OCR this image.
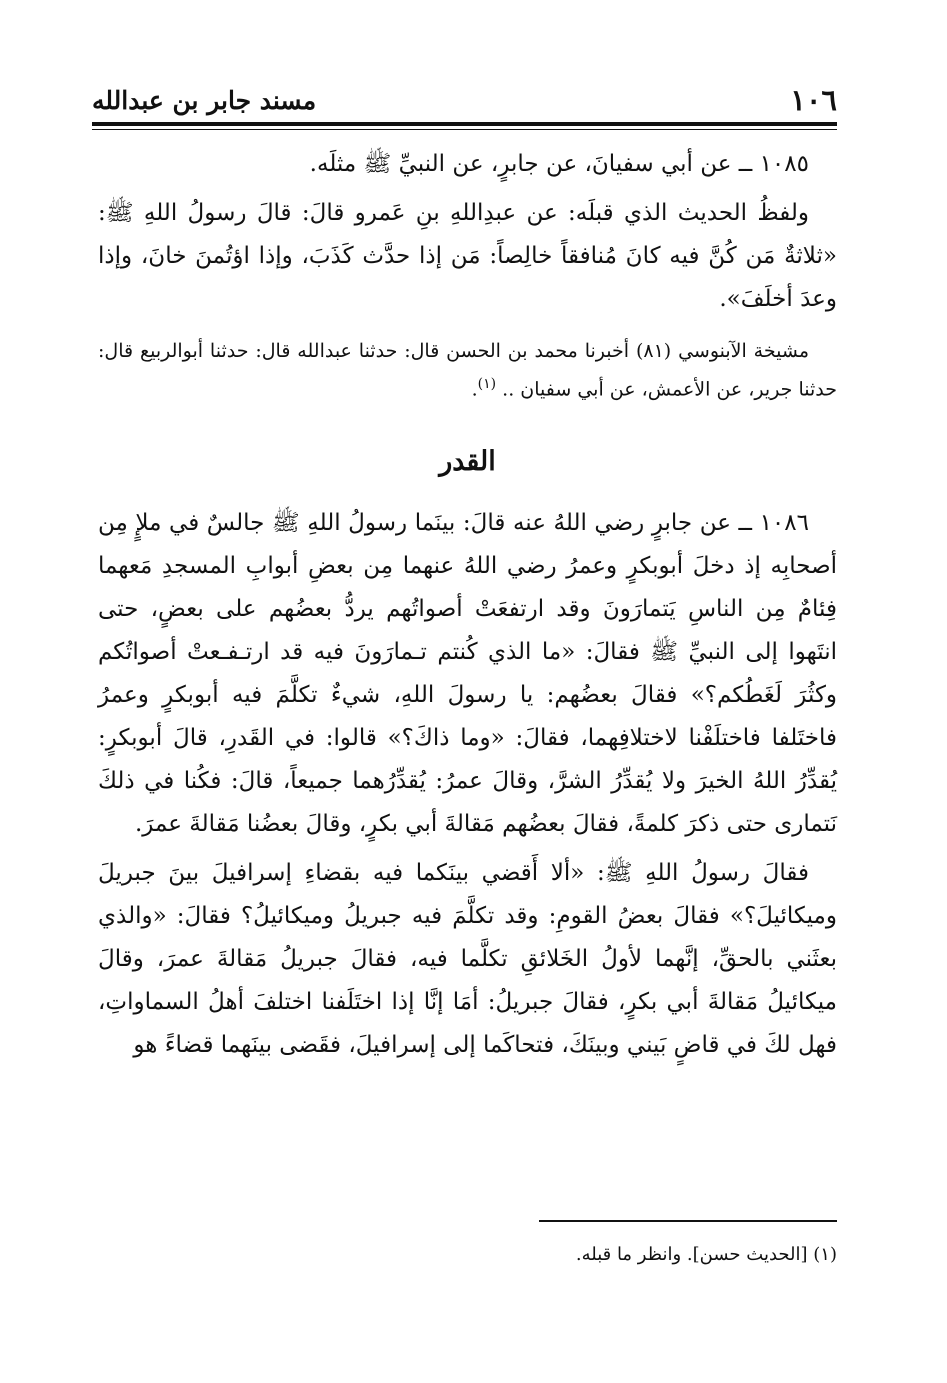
١٠٦
مسند جابر بن عبدالله

١٠٨٥ ــ عن أبي سفيانَ، عن جابرٍ، عن النبيِّ ﷺ مثلَه.

ولفظُ الحديث الذي قبلَه: عن عبدِاللهِ بنِ عَمرو قالَ: قالَ رسولُ اللهِ ﷺ: «ثلاثةٌ مَن كُنَّ فيه كانَ مُنافقاً خالِصاً: مَن إذا حدَّث كَذَبَ، وإذا اؤتُمنَ خانَ، وإذا وعدَ أخلَفَ».

مشيخة الآبنوسي (٨١) أخبرنا محمد بن الحسن قال: حدثنا عبدالله قال: حدثنا أبوالربيع قال: حدثنا جرير، عن الأعمش، عن أبي سفيان .. $^{(١)}$.

القدر

١٠٨٦ ــ عن جابرٍ رضي اللهُ عنه قالَ: بينَما رسولُ اللهِ ﷺ جالسٌ في ملإٍ مِن أصحابِه إذ دخلَ أبوبكرٍ وعمرُ رضي اللهُ عنهما مِن بعضِ أبوابِ المسجدِ مَعهما فِئامٌ مِن الناسِ يَتمارَونَ وقد ارتفعَتْ أصواتُهم يردُّ بعضُهم على بعضٍ، حتى انتَهوا إلى النبيِّ ﷺ فقالَ: «ما الذي كُنتم تـمارَونَ فيه قد ارتـفـعتْ أصواتُكم وكثُرَ لَغَطُكم؟» فقالَ بعضُهم: يا رسولَ اللهِ، شيءٌ تكلَّمَ فيه أبوبكرٍ وعمرُ فاختَلفا فاختلَفْنا لاختلافِهما، فقالَ: «وما ذاكَ؟» قالوا: في القَدرِ، قالَ أبوبكرٍ: يُقدِّرُ اللهُ الخيرَ ولا يُقدِّرُ الشرَّ، وقالَ عمرُ: يُقدِّرُهما جميعاً، قالَ: فكُنا في ذلكَ نَتمارى حتى ذكرَ كلمةً، فقالَ بعضُهم مَقالةَ أبي بكرٍ، وقالَ بعضُنا مَقالةَ عمرَ.

فقالَ رسولُ اللهِ ﷺ: «ألا أَقضي بينَكما فيه بقضاءِ إسرافيلَ بينَ جبريلَ وميكائيلَ؟» فقالَ بعضُ القومِ: وقد تكلَّمَ فيه جبريلُ وميكائيلُ؟ فقالَ: «والذي بعثَني بالحقِّ، إنَّهما لأولُ الخَلائقِ تكلَّما فيه، فقالَ جبريلُ مَقالةَ عمرَ، وقالَ ميكائيلُ مَقالةَ أبي بكرٍ، فقالَ جبريلُ: أمَا إنَّا إذا اختَلَفنا اختلفَ أهلُ السماواتِ، فهل لكَ في قاضٍ بَيني وبينَكَ، فتحاكَما إلى إسرافيلَ، فقَضى بينَهما قضاءً هو

(١) [الحديث حسن]. وانظر ما قبله.
